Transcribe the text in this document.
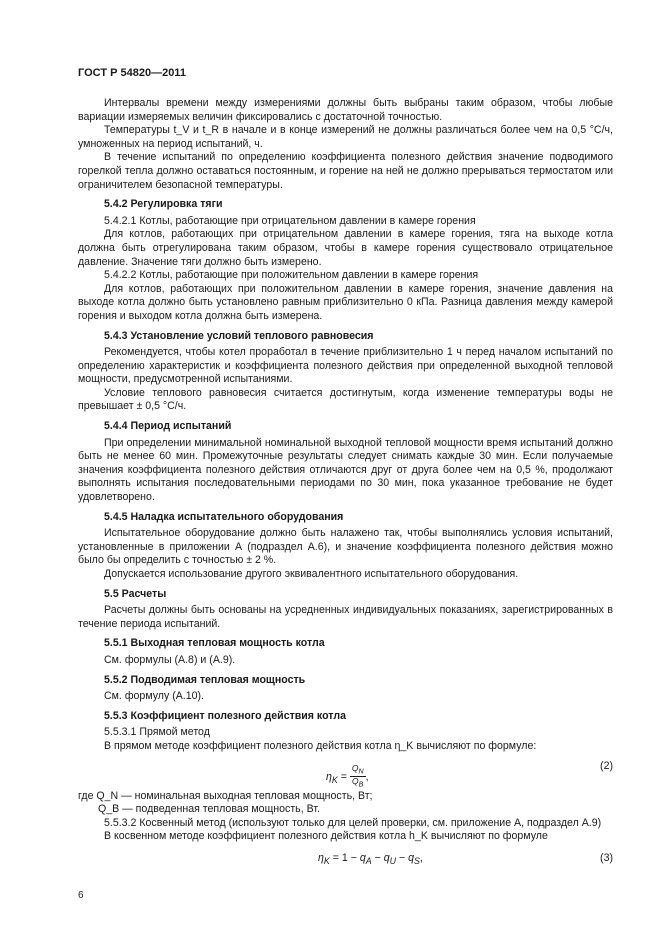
ГОСТ Р 54820—2011

Интервалы времени между измерениями должны быть выбраны таким образом, чтобы любые вариации измеряемых величин фиксировались с достаточной точностью.

Температуры t_V и t_R в начале и в конце измерений не должны различаться более чем на 0,5 °С/ч, умноженных на период испытаний, ч.

В течение испытаний по определению коэффициента полезного действия значение подводимого горелкой тепла должно оставаться постоянным, и горение на ней не должно прерываться термостатом или ограничителем безопасной температуры.

5.4.2 Регулировка тяги

5.4.2.1 Котлы, работающие при отрицательном давлении в камере горения

Для котлов, работающих при отрицательном давлении в камере горения, тяга на выходе котла должна быть отрегулирована таким образом, чтобы в камере горения существовало отрицательное давление. Значение тяги должно быть измерено.

5.4.2.2 Котлы, работающие при положительном давлении в камере горения

Для котлов, работающих при положительном давлении в камере горения, значение давления на выходе котла должно быть установлено равным приблизительно 0 кПа. Разница давления между камерой горения и выходом котла должна быть измерена.

5.4.3 Установление условий теплового равновесия

Рекомендуется, чтобы котел проработал в течение приблизительно 1 ч перед началом испытаний по определению характеристик и коэффициента полезного действия при определенной выходной тепловой мощности, предусмотренной испытаниями.

Условие теплового равновесия считается достигнутым, когда изменение температуры воды не превышает ± 0,5 °С/ч.

5.4.4 Период испытаний

При определении минимальной номинальной выходной тепловой мощности время испытаний должно быть не менее 60 мин. Промежуточные результаты следует снимать каждые 30 мин. Если получаемые значения коэффициента полезного действия отличаются друг от друга более чем на 0,5 %, продолжают выполнять испытания последовательными периодами по 30 мин, пока указанное требование не будет удовлетворено.

5.4.5 Наладка испытательного оборудования

Испытательное оборудование должно быть налажено так, чтобы выполнялись условия испытаний, установленные в приложении А (подраздел А.6), и значение коэффициента полезного действия можно было бы определить с точностью ± 2 %.

Допускается использование другого эквивалентного испытательного оборудования.

5.5 Расчеты

Расчеты должны быть основаны на усредненных индивидуальных показаниях, зарегистрированных в течение периода испытаний.

5.5.1 Выходная тепловая мощность котла

См. формулы (А.8) и (А.9).

5.5.2 Подводимая тепловая мощность

См. формулу (А.10).

5.5.3 Коэффициент полезного действия котла

5.5.3.1 Прямой метод

В прямом методе коэффициент полезного действия котла η_K вычисляют по формуле:

$\eta_K = \frac{Q_N}{Q_B}$ ,
(2)

где Q_N — номинальная выходная тепловая мощность, Вт;

Q_B — подведенная тепловая мощность, Вт.

5.5.3.2 Косвенный метод (используют только для целей проверки, см. приложение А, подраздел А.9)

В косвенном методе коэффициент полезного действия котла h_K вычисляют по формуле

$\eta_K = 1 - q_A - q_U - q_S$,	(3)
6
